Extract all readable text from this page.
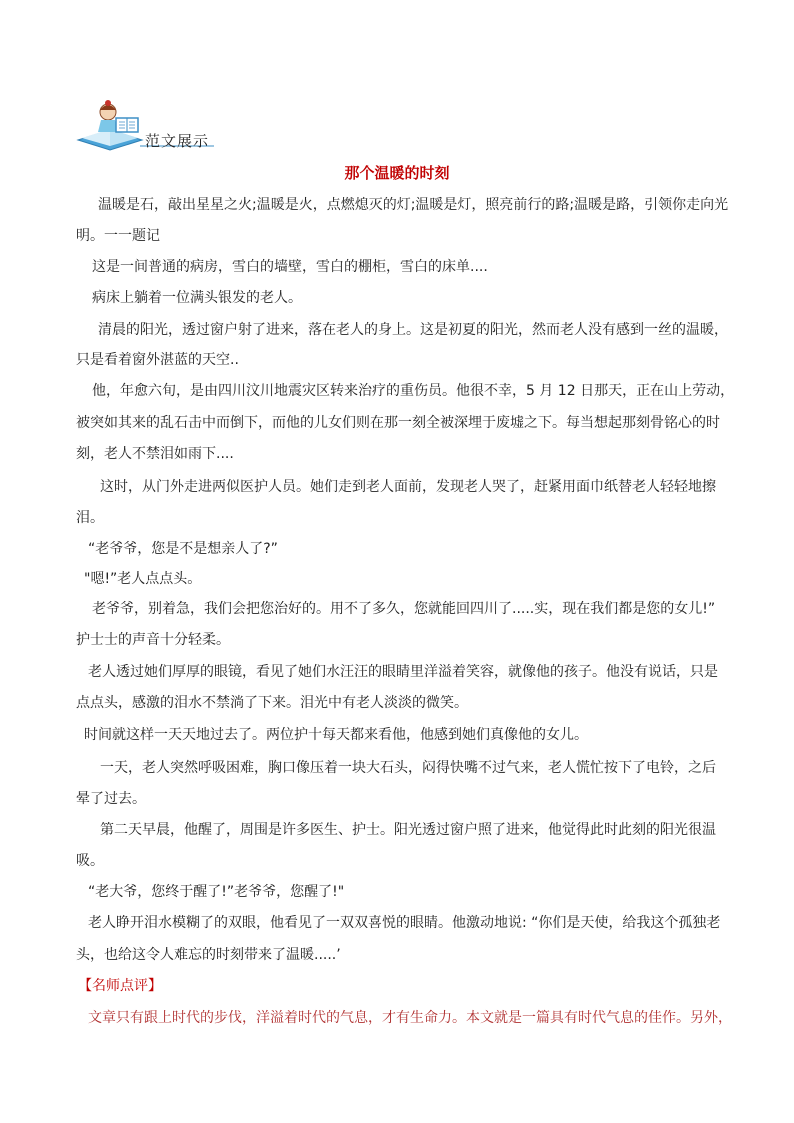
范文展示
那个温暖的时刻
温暖是石，敲出星星之火;温暖是火，点燃熄灭的灯;温暖是灯，照亮前行的路;温暖是路，引领你走向光
明。一一题记
这是一间普通的病房，雪白的墙壁，雪白的棚柜，雪白的床单....
病床上躺着一位满头银发的老人。
清晨的阳光，透过窗户射了进来，落在老人的身上。这是初夏的阳光，然而老人没有感到一丝的温暖，
只是看着窗外湛蓝的天空..
他，年愈六旬，是由四川汶川地震灾区转来治疗的重伤员。他很不幸，5 月 12 日那天，正在山上劳动，
被突如其来的乱石击中而倒下，而他的儿女们则在那一刻全被深埋于废墟之下。每当想起那刻骨铭心的时
刻，老人不禁泪如雨下....
这时，从门外走进两似医护人员。她们走到老人面前，发现老人哭了，赶紧用面巾纸替老人轻轻地擦
泪。
“老爷爷，您是不是想亲人了?”
"嗯!”老人点点头。
老爷爷，别着急，我们会把您治好的。用不了多久，您就能回四川了.....实，现在我们都是您的女儿!”
护士士的声音十分轻柔。
老人透过她们厚厚的眼镜，看见了她们水汪汪的眼睛里洋溢着笑容，就像他的孩子。他没有说话，只是
点点头，感激的泪水不禁淌了下来。泪光中有老人淡淡的微笑。
时间就这样一天天地过去了。两位护十每天都来看他，他感到她们真像他的女儿。
一天，老人突然呼吸困难，胸口像压着一块大石头，闷得快嘴不过气来，老人慌忙按下了电铃，之后
晕了过去。
第二天早晨，他醒了，周围是许多医生、护士。阳光透过窗户照了进来，他觉得此时此刻的阳光很温
吸。
“老大爷，您终于醒了!”老爷爷，您醒了!"
老人睁开泪水模糊了的双眼，他看见了一双双喜悦的眼睛。他激动地说: “你们是天使，给我这个孤独老
头，也给这令人难忘的时刻带来了温暖.....’
【名师点评】
文章只有跟上时代的步伐，洋溢着时代的气息，才有生命力。本文就是一篇具有时代气息的佳作。另外，
